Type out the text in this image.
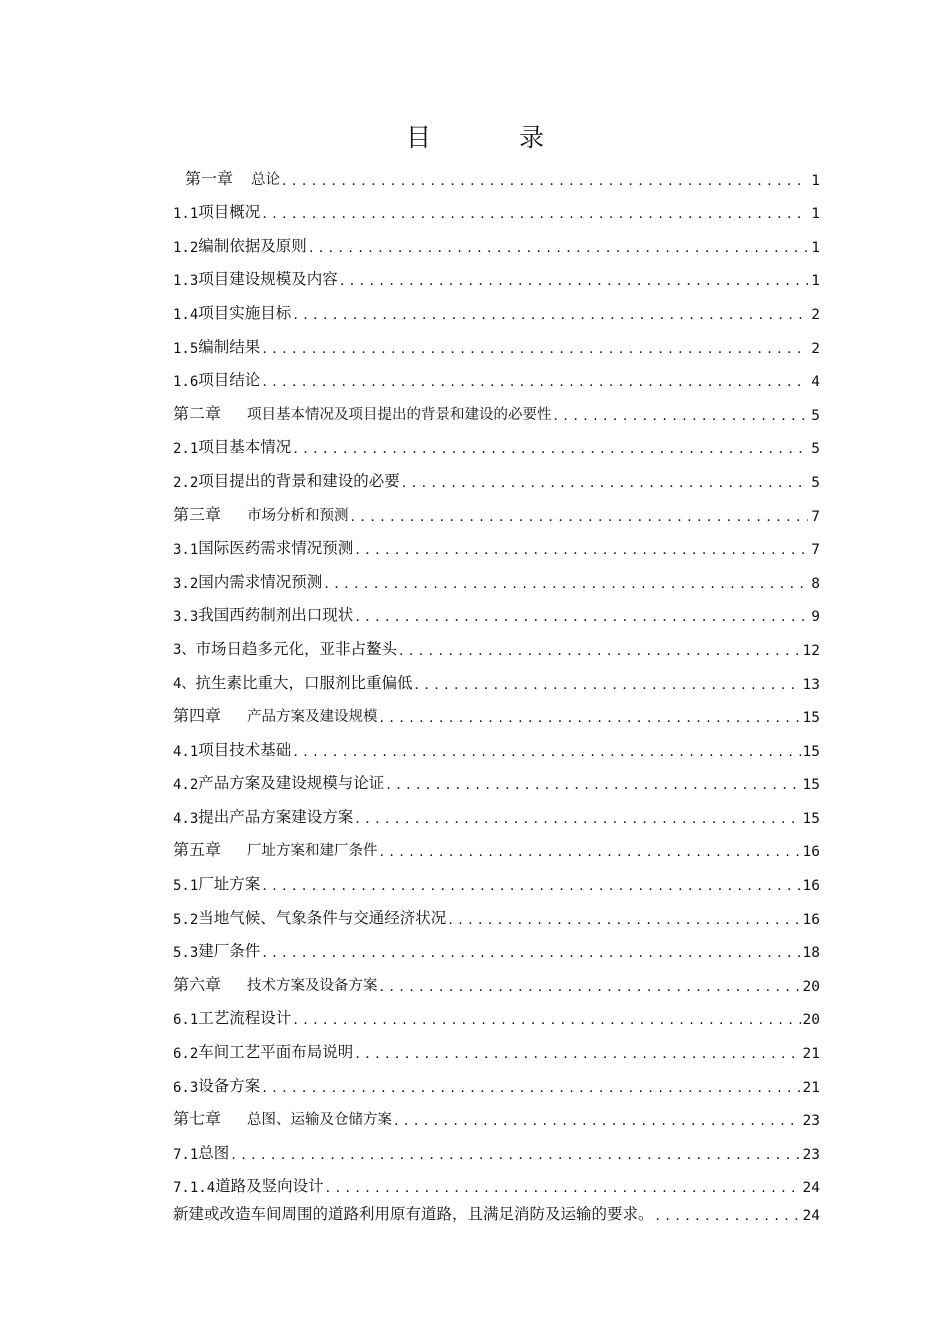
目 录
第一章 总论 . . .	1
1.1 项目概况 . . .	1
1.2 编制依据及原则 . . .	1
1.3 项目建设规模及内容 . . .	1
1.4 项目实施目标 . . .	2
1.5 编制结果 . . .	2
1.6 项目结论 . . .	4
第二章 项目基本情况及项目提出的背景和建设的必要性 . . .	5
2.1 项目基本情况 . . .	5
2.2 项目提出的背景和建设的必要 . . .	5
第三章 市场分析和预测 . . .	7
3.1 国际医药需求情况预测 . . .	7
3.2 国内需求情况预测 . . .	8
3.3 我国西药制剂出口现状 . . .	9
3、 市场日趋多元化，亚非占鳌头 . . .	12
4、 抗生素比重大，口服剂比重偏低 . . .	13
第四章 产品方案及建设规模 . . .	15
4.1 项目技术基础 . . .	15
4.2 产品方案及建设规模与论证 . . .	15
4.3 提出产品方案建设方案 . . .	15
第五章 厂址方案和建厂条件 . . .	16
5.1 厂址方案 . . .	16
5.2 当地气候、气象条件与交通经济状况 . . .	16
5.3 建厂条件 . . .	18
第六章 技术方案及设备方案 . . .	20
6.1 工艺流程设计 . . .	20
6.2 车间工艺平面布局说明 . . .	21
6.3 设备方案 . . .	21
第七章 总图、运输及仓储方案 . . .	23
7.1 总图 . . .	23
7.1.4 道路及竖向设计 . . .	24
新建或改造车间周围的道路利用原有道路，且满足消防及运输的要求。 . . .	24
